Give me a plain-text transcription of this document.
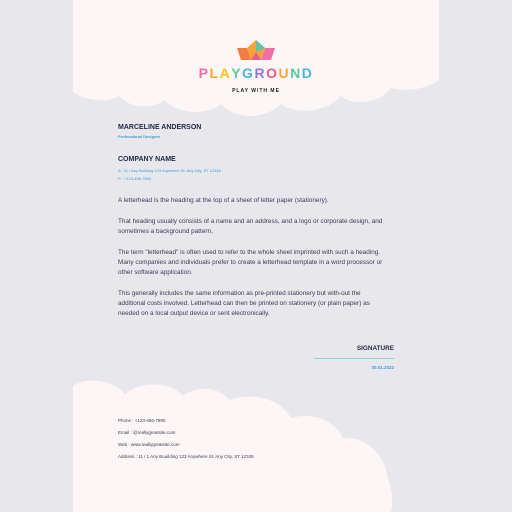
PLAYGROUND
PLAY WITH ME
MARCELINE ANDERSON
Professional Designer
COMPANY NAME
A : 11 / Any Building 123 Anywhere St. Any City, ST 12345
P : +123-456-7890

A letterhead is the heading at the top of a sheet of letter paper (stationery).

That heading usually consists of a name and an address, and a logo or corporate design, and sometimes a background pattern.

The term "letterhead" is often used to refer to the whole sheet imprinted with such a heading. Many companies and individuals prefer to create a letterhead template in a word processor or other software application.

This generally includes the same information as pre-printed stationery but with-out the additional costs involved. Letterhead can then be printed on stationery (or plain paper) as needed on a local output device or sent electronically.

SIGNATURE
30.01.2022
Phone : +123-456-7890
Email : @reallygreatsite.com
Web : www.reallygreatsite.com
Address : 11 / 1 Any Buuilding 123 Anywhere St. Any City, ST 12345
